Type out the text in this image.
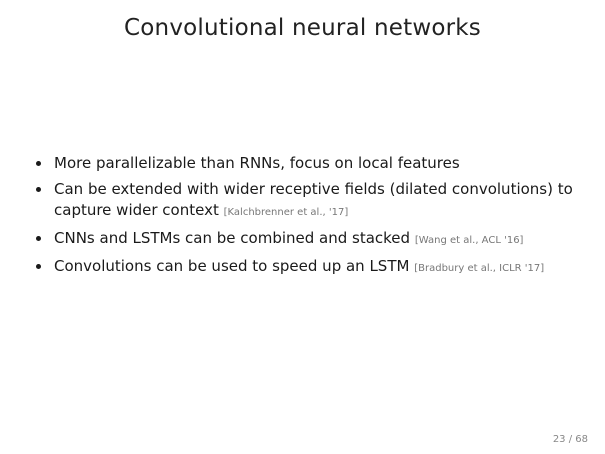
Convolutional neural networks
More parallelizable than RNNs, focus on local features
Can be extended with wider receptive fields (dilated convolutions) to capture wider context [Kalchbrenner et al., '17]
CNNs and LSTMs can be combined and stacked [Wang et al., ACL '16]
Convolutions can be used to speed up an LSTM [Bradbury et al., ICLR '17]
23 / 68
